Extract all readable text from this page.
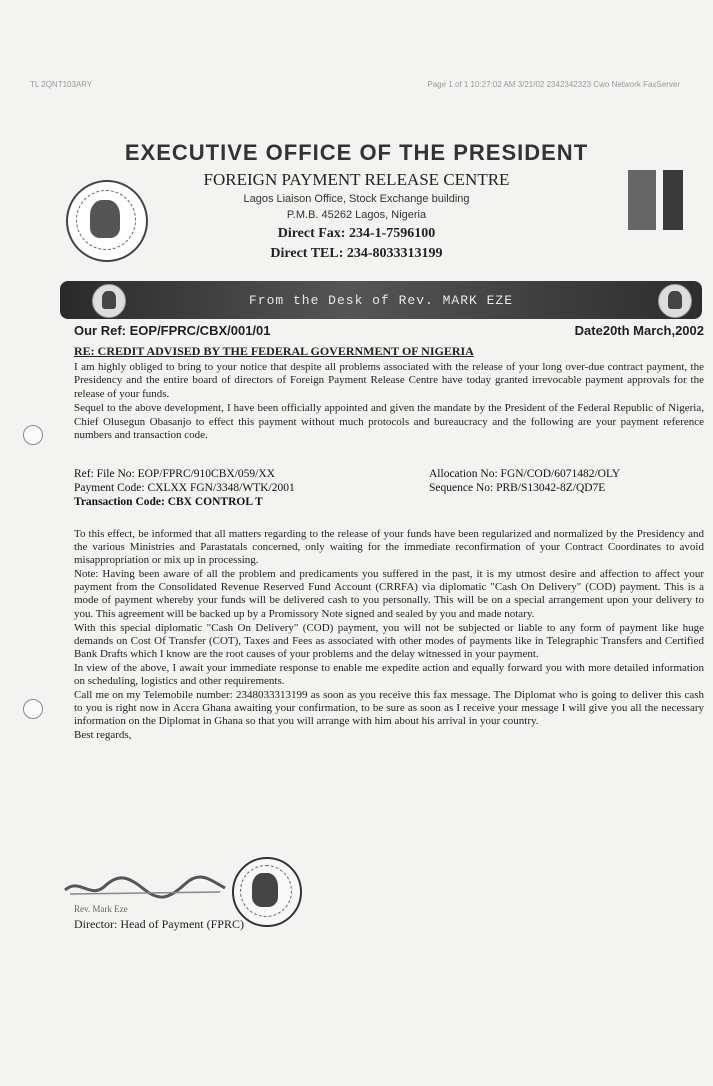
TL 2QNT103ARY	Page 1 of 1 10:27:02 AM 3/21/02 2342342323 Cwo Network FaxServer
EXECUTIVE OFFICE OF THE PRESIDENT
FOREIGN PAYMENT RELEASE CENTRE
Lagos Liaison Office, Stock Exchange building
P.M.B. 45262 Lagos, Nigeria
Direct Fax: 234-1-7596100
Direct TEL: 234-8033313199
From the Desk of Rev. MARK EZE
Our Ref: EOP/FPRC/CBX/001/01	Date20th March,2002
RE: CREDIT ADVISED BY THE FEDERAL GOVERNMENT OF NIGERIA

I am highly obliged to bring to your notice that despite all problems associated with the release of your long over-due contract payment, the Presidency and the entire board of directors of Foreign Payment Release Centre have today granted irrevocable payment approvals for the release of your funds.

Sequel to the above development, I have been officially appointed and given the mandate by the President of the Federal Republic of Nigeria, Chief Olusegun Obasanjo to effect this payment without much protocols and bureaucracy and the following are your payment reference numbers and transaction code.

Ref: File No: EOP/FPRC/910CBX/059/XX	Allocation No: FGN/COD/6071482/OLY
Payment Code: CXLXX FGN/3348/WTK/2001	Sequence No: PRB/S13042-8Z/QD7E
Transaction Code: CBX CONTROL T

To this effect, be informed that all matters regarding to the release of your funds have been regularized and normalized by the Presidency and the various Ministries and Parastatals concerned, only waiting for the immediate reconfirmation of your Contract Coordinates to avoid misappropriation or mix up in processing.

Note: Having been aware of all the problem and predicaments you suffered in the past, it is my utmost desire and affection to affect your payment from the Consolidated Revenue Reserved Fund Account (CRRFA) via diplomatic "Cash On Delivery" (COD) payment. This is a mode of payment whereby your funds will be delivered cash to you personally. This will be on a special arrangement upon your delivery to you. This agreement will be backed up by a Promissory Note signed and sealed by you and made notary.

With this special diplomatic "Cash On Delivery" (COD) payment, you will not be subjected or liable to any form of payment like huge demands on Cost Of Transfer (COT), Taxes and Fees as associated with other modes of payments like in Telegraphic Transfers and Certified Bank Drafts which I know are the root causes of your problems and the delay witnessed in your payment.

In view of the above, I await your immediate response to enable me expedite action and equally forward you with more detailed information on scheduling, logistics and other requirements.

Call me on my Telemobile number: 2348033313199 as soon as you receive this fax message. The Diplomat who is going to deliver this cash to you is right now in Accra Ghana awaiting your confirmation, to be sure as soon as I receive your message I will give you all the necessary information on the Diplomat in Ghana so that you will arrange with him about his arrival in your country.

Best regards,

Rev. Mark Eze
Director: Head of Payment (FPRC)
